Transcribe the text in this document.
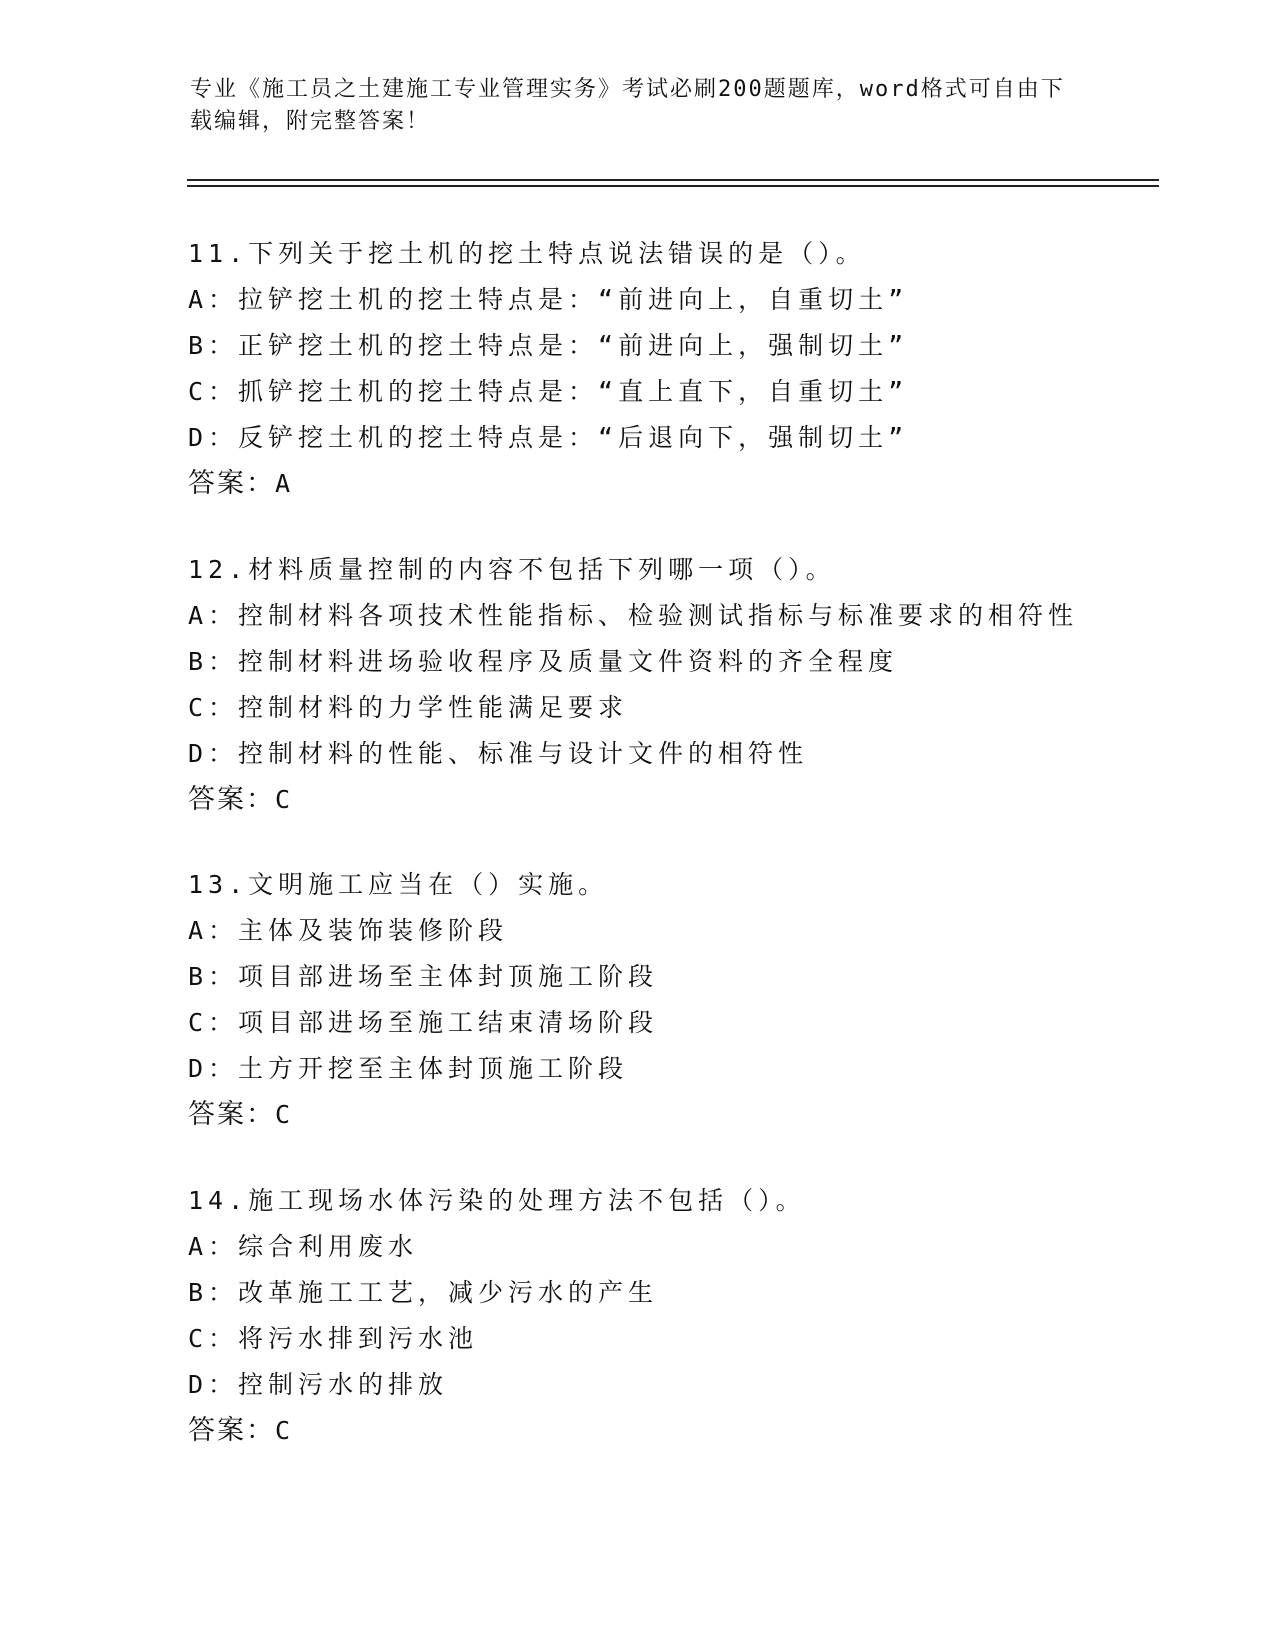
专业《施工员之土建施工专业管理实务》考试必刷200题题库，word格式可自由下载编辑，附完整答案！
11.下列关于挖土机的挖土特点说法错误的是（）。
A：拉铲挖土机的挖土特点是：“前进向上，自重切土”
B：正铲挖土机的挖土特点是：“前进向上，强制切土”
C：抓铲挖土机的挖土特点是：“直上直下，自重切土”
D：反铲挖土机的挖土特点是：“后退向下，强制切土”
答案：A
12.材料质量控制的内容不包括下列哪一项（）。
A：控制材料各项技术性能指标、检验测试指标与标准要求的相符性
B：控制材料进场验收程序及质量文件资料的齐全程度
C：控制材料的力学性能满足要求
D：控制材料的性能、标准与设计文件的相符性
答案：C
13.文明施工应当在（）实施。
A：主体及装饰装修阶段
B：项目部进场至主体封顶施工阶段
C：项目部进场至施工结束清场阶段
D：土方开挖至主体封顶施工阶段
答案：C
14.施工现场水体污染的处理方法不包括（）。
A：综合利用废水
B：改革施工工艺，减少污水的产生
C：将污水排到污水池
D：控制污水的排放
答案：C
